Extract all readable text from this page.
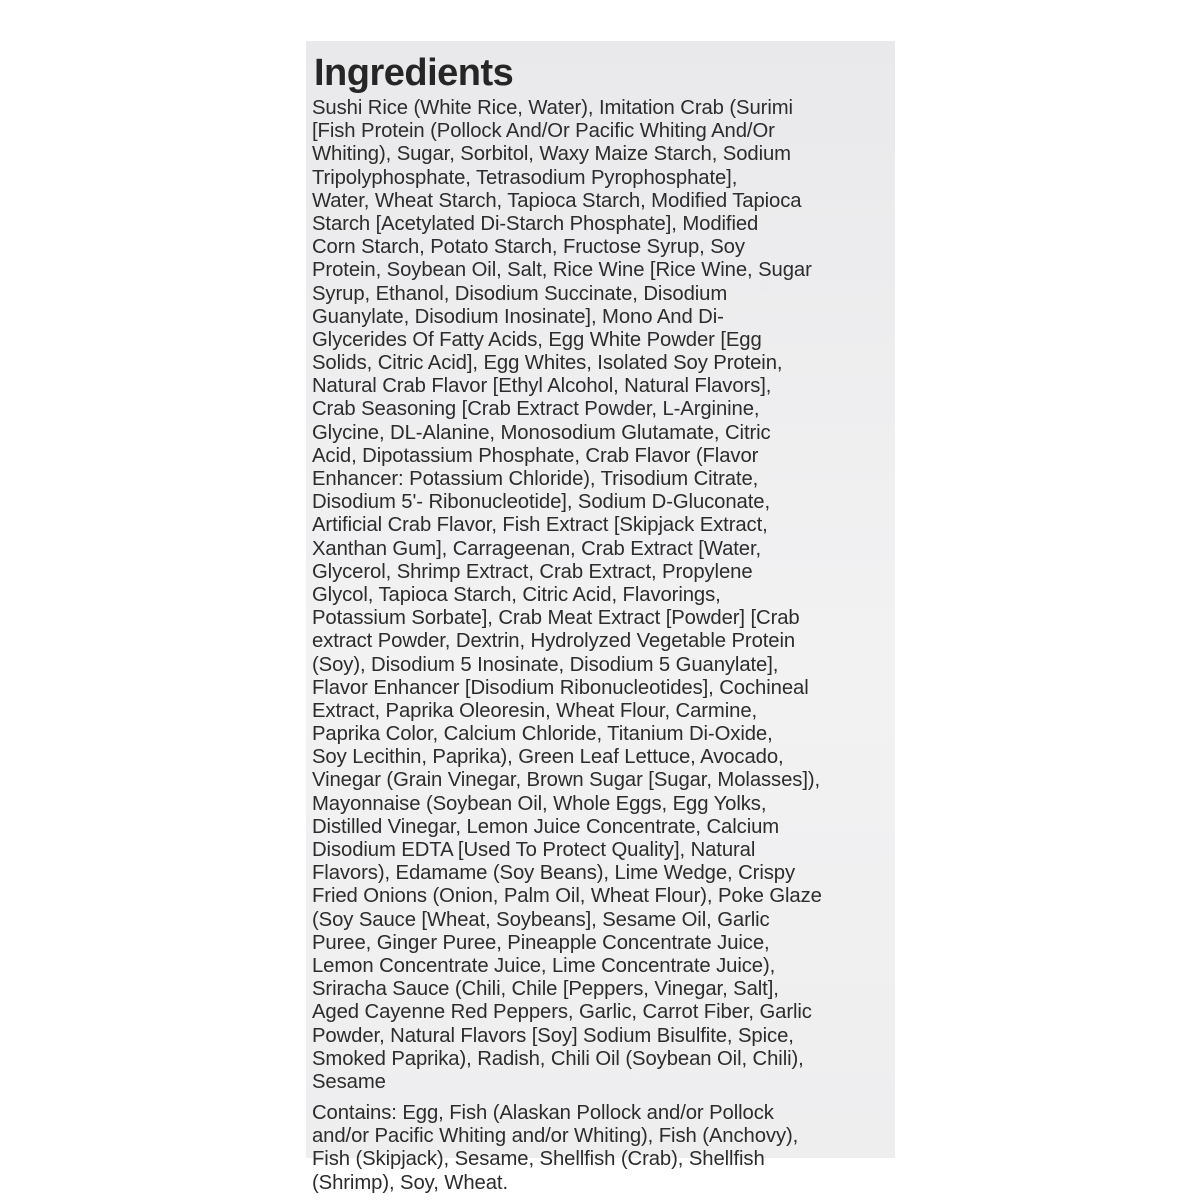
Ingredients
Sushi Rice (White Rice, Water), Imitation Crab (Surimi
[Fish Protein (Pollock And/Or Pacific Whiting And/Or
Whiting), Sugar, Sorbitol, Waxy Maize Starch, Sodium
Tripolyphosphate, Tetrasodium Pyrophosphate],
Water, Wheat Starch, Tapioca Starch, Modified Tapioca
Starch [Acetylated Di-Starch Phosphate], Modified
Corn Starch, Potato Starch, Fructose Syrup, Soy
Protein, Soybean Oil, Salt, Rice Wine [Rice Wine, Sugar
Syrup, Ethanol, Disodium Succinate, Disodium
Guanylate, Disodium Inosinate], Mono And Di-
Glycerides Of Fatty Acids, Egg White Powder [Egg
Solids, Citric Acid], Egg Whites, Isolated Soy Protein,
Natural Crab Flavor [Ethyl Alcohol, Natural Flavors],
Crab Seasoning [Crab Extract Powder, L-Arginine,
Glycine, DL-Alanine, Monosodium Glutamate, Citric
Acid, Dipotassium Phosphate, Crab Flavor (Flavor
Enhancer: Potassium Chloride), Trisodium Citrate,
Disodium 5'- Ribonucleotide], Sodium D-Gluconate,
Artificial Crab Flavor, Fish Extract [Skipjack Extract,
Xanthan Gum], Carrageenan, Crab Extract [Water,
Glycerol, Shrimp Extract, Crab Extract, Propylene
Glycol, Tapioca Starch, Citric Acid, Flavorings,
Potassium Sorbate], Crab Meat Extract [Powder] [Crab
extract Powder, Dextrin, Hydrolyzed Vegetable Protein
(Soy), Disodium 5 Inosinate, Disodium 5 Guanylate],
Flavor Enhancer [Disodium Ribonucleotides], Cochineal
Extract, Paprika Oleoresin, Wheat Flour, Carmine,
Paprika Color, Calcium Chloride, Titanium Di-Oxide,
Soy Lecithin, Paprika), Green Leaf Lettuce, Avocado,
Vinegar (Grain Vinegar, Brown Sugar [Sugar, Molasses]),
Mayonnaise (Soybean Oil, Whole Eggs, Egg Yolks,
Distilled Vinegar, Lemon Juice Concentrate, Calcium
Disodium EDTA [Used To Protect Quality], Natural
Flavors), Edamame (Soy Beans), Lime Wedge, Crispy
Fried Onions (Onion, Palm Oil, Wheat Flour), Poke Glaze
(Soy Sauce [Wheat, Soybeans], Sesame Oil, Garlic
Puree, Ginger Puree, Pineapple Concentrate Juice,
Lemon Concentrate Juice, Lime Concentrate Juice),
Sriracha Sauce (Chili, Chile [Peppers, Vinegar, Salt],
Aged Cayenne Red Peppers, Garlic, Carrot Fiber, Garlic
Powder, Natural Flavors [Soy] Sodium Bisulfite, Spice,
Smoked Paprika), Radish, Chili Oil (Soybean Oil, Chili),
Sesame
Contains: Egg, Fish (Alaskan Pollock and/or Pollock
and/or Pacific Whiting and/or Whiting), Fish (Anchovy),
Fish (Skipjack), Sesame, Shellfish (Crab), Shellfish
(Shrimp), Soy, Wheat.
